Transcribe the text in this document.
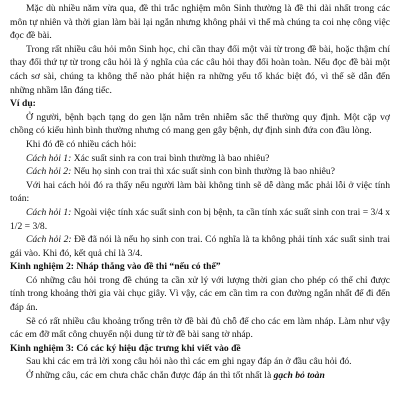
Mặc dù nhiều năm vừa qua, đề thi trắc nghiệm môn Sinh thường là đề thi dài nhất trong các môn tự nhiên và thời gian làm bài lại ngắn nhưng không phải vì thế mà chúng ta coi nhẹ công việc đọc đề bài.

Trong rất nhiều câu hỏi môn Sinh học, chỉ cần thay đổi một vài từ trong đề bài, hoặc thậm chí thay đổi thứ tự từ trong câu hỏi là ý nghĩa của các câu hỏi thay đổi hoàn toàn. Nếu đọc đề bài một cách sơ sài, chúng ta không thể nào phát hiện ra những yếu tố khác biệt đó, vì thế sẽ dẫn đến những nhầm lẫn đáng tiếc.

Ví dụ:

Ở người, bệnh bạch tạng do gen lặn nằm trên nhiễm sắc thể thường quy định. Một cặp vợ chồng có kiểu hình bình thường nhưng có mang gen gây bệnh, dự định sinh đứa con đầu lòng.

Khi đó đề có nhiều cách hỏi:

Cách hỏi 1: Xác suất sinh ra con trai bình thường là bao nhiêu?

Cách hỏi 2: Nếu họ sinh con trai thì xác suất sinh con bình thường là bao nhiêu?

Với hai cách hỏi đó ra thấy nếu người làm bài không tinh sẽ dễ dàng mắc phải lỗi ở việc tính toán:

Cách hỏi 1: Ngoài việc tính xác suất sinh con bị bệnh, ta cần tính xác suất sinh con trai = 3/4 x 1/2 = 3/8.

Cách hỏi 2: Đề đã nói là nếu họ sinh con trai. Có nghĩa là ta không phải tính xác suất sinh trai gái vào. Khi đó, kết quả chỉ là 3/4.

Kinh nghiệm 2: Nháp thẳng vào đề thi “nếu có thể”

Có những câu hỏi trong đề chúng ta cần xử lý với lượng thời gian cho phép có thể chỉ được tính trong khoảng thời gia vài chục giây. Vì vậy, các em cần tìm ra con đường ngắn nhất để đi đến đáp án.

Sẽ có rất nhiều câu khoảng trống trên tờ đề bài đủ chỗ để cho các em làm nháp. Làm như vậy các em đỡ mất công chuyển nội dung từ tờ đề bài sang tờ nháp.

Kinh nghiệm 3: Có các ký hiệu đặc trưng khi viết vào đề

Sau khi các em trả lời xong câu hỏi nào thì các em ghi ngay đáp án ở đầu câu hỏi đó.

Ở những câu, các em chưa chắc chắn được đáp án thì tốt nhất là gạch bỏ toàn
